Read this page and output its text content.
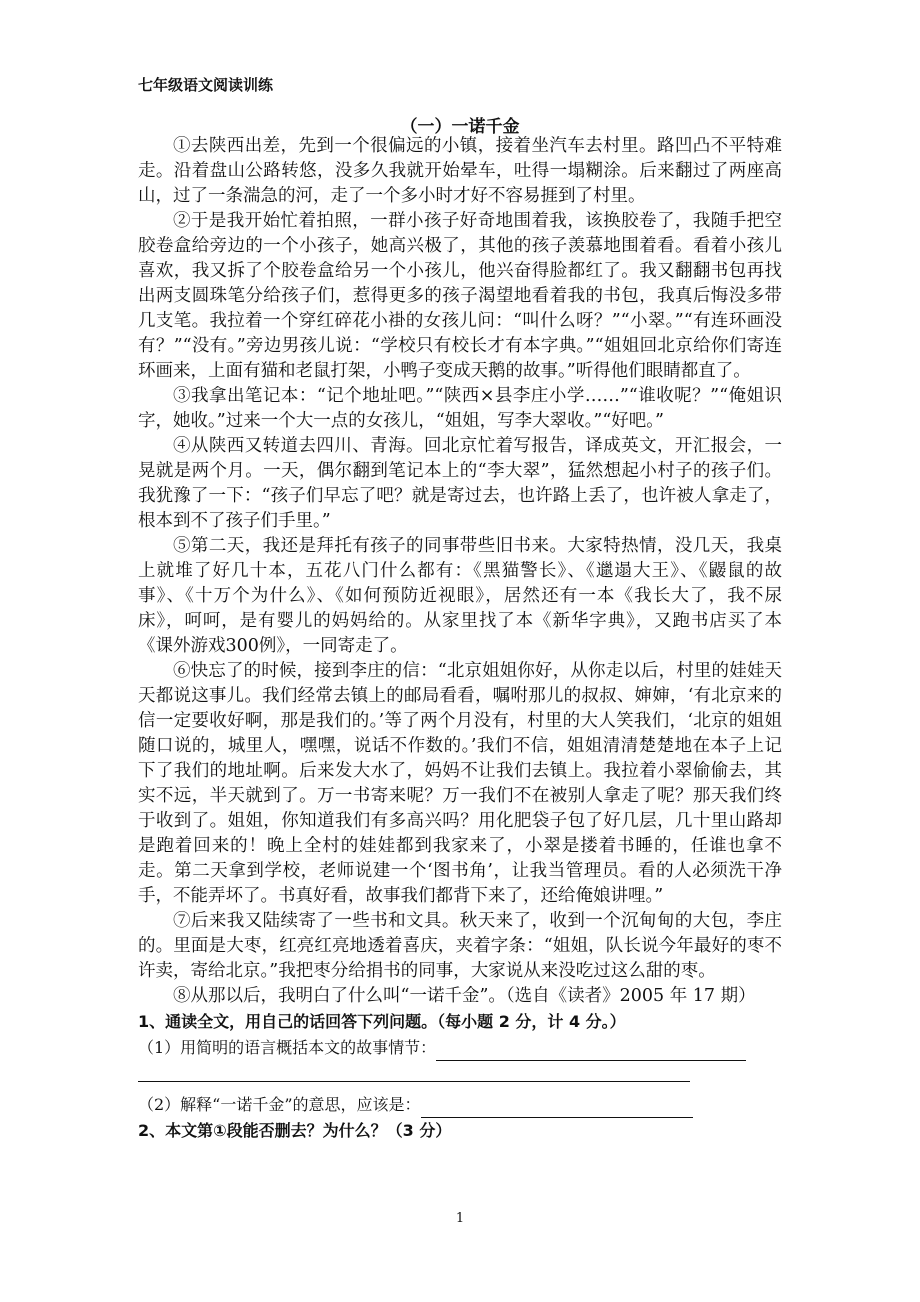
七年级语文阅读训练
（一）一诺千金

①去陕西出差，先到一个很偏远的小镇，接着坐汽车去村里。路凹凸不平特难走。沿着盘山公路转悠，没多久我就开始晕车，吐得一塌糊涂。后来翻过了两座高山，过了一条湍急的河，走了一个多小时才好不容易捱到了村里。

②于是我开始忙着拍照，一群小孩子好奇地围着我，该换胶卷了，我随手把空胶卷盒给旁边的一个小孩子，她高兴极了，其他的孩子羡慕地围着看。看着小孩儿喜欢，我又拆了个胶卷盒给另一个小孩儿，他兴奋得脸都红了。我又翻翻书包再找出两支圆珠笔分给孩子们，惹得更多的孩子渴望地看着我的书包，我真后悔没多带几支笔。我拉着一个穿红碎花小褂的女孩儿问：“叫什么呀？”“小翠。”“有连环画没有？”“没有。”旁边男孩儿说：“学校只有校长才有本字典。”“姐姐回北京给你们寄连环画来，上面有猫和老鼠打架，小鸭子变成天鹅的故事。”听得他们眼睛都直了。

③我拿出笔记本：“记个地址吧。”“陕西×县李庄小学……”“谁收呢？”“俺姐识字，她收。”过来一个大一点的女孩儿，“姐姐，写李大翠收。”“好吧。”

④从陕西又转道去四川、青海。回北京忙着写报告，译成英文，开汇报会，一晃就是两个月。一天，偶尔翻到笔记本上的“李大翠”，猛然想起小村子的孩子们。我犹豫了一下：“孩子们早忘了吧？就是寄过去，也许路上丢了，也许被人拿走了，根本到不了孩子们手里。”

⑤第二天，我还是拜托有孩子的同事带些旧书来。大家特热情，没几天，我桌上就堆了好几十本，五花八门什么都有：《黑猫警长》、《邋遢大王》、《鼹鼠的故事》、《十万个为什么》、《如何预防近视眼》，居然还有一本《我长大了，我不尿床》，呵呵，是有婴儿的妈妈给的。从家里找了本《新华字典》，又跑书店买了本《课外游戏300例》，一同寄走了。

⑥快忘了的时候，接到李庄的信：“北京姐姐你好，从你走以后，村里的娃娃天天都说这事儿。我们经常去镇上的邮局看看，嘱咐那儿的叔叔、婶婶，‘有北京来的信一定要收好啊，那是我们的。’等了两个月没有，村里的大人笑我们，‘北京的姐姐随口说的，城里人，嘿嘿，说话不作数的。’我们不信，姐姐清清楚楚地在本子上记下了我们的地址啊。后来发大水了，妈妈不让我们去镇上。我拉着小翠偷偷去，其实不远，半天就到了。万一书寄来呢？万一我们不在被别人拿走了呢？那天我们终于收到了。姐姐，你知道我们有多高兴吗？用化肥袋子包了好几层，几十里山路却是跑着回来的！晚上全村的娃娃都到我家来了，小翠是搂着书睡的，任谁也拿不走。第二天拿到学校，老师说建一个‘图书角’，让我当管理员。看的人必须洗干净手，不能弄坏了。书真好看，故事我们都背下来了，还给俺娘讲哩。”

⑦后来我又陆续寄了一些书和文具。秋天来了，收到一个沉甸甸的大包，李庄的。里面是大枣，红亮红亮地透着喜庆，夹着字条：“姐姐，队长说今年最好的枣不许卖，寄给北京。”我把枣分给捐书的同事，大家说从来没吃过这么甜的枣。

⑧从那以后，我明白了什么叫“一诺千金”。（选自《读者》2005 年 17 期）

1、通读全文，用自己的话回答下列问题。（每小题 2 分，计 4 分。）

（1）用简明的语言概括本文的故事情节：

（2）解释“一诺千金”的意思，应该是：

2、本文第①段能否删去？为什么？（3 分）

1
